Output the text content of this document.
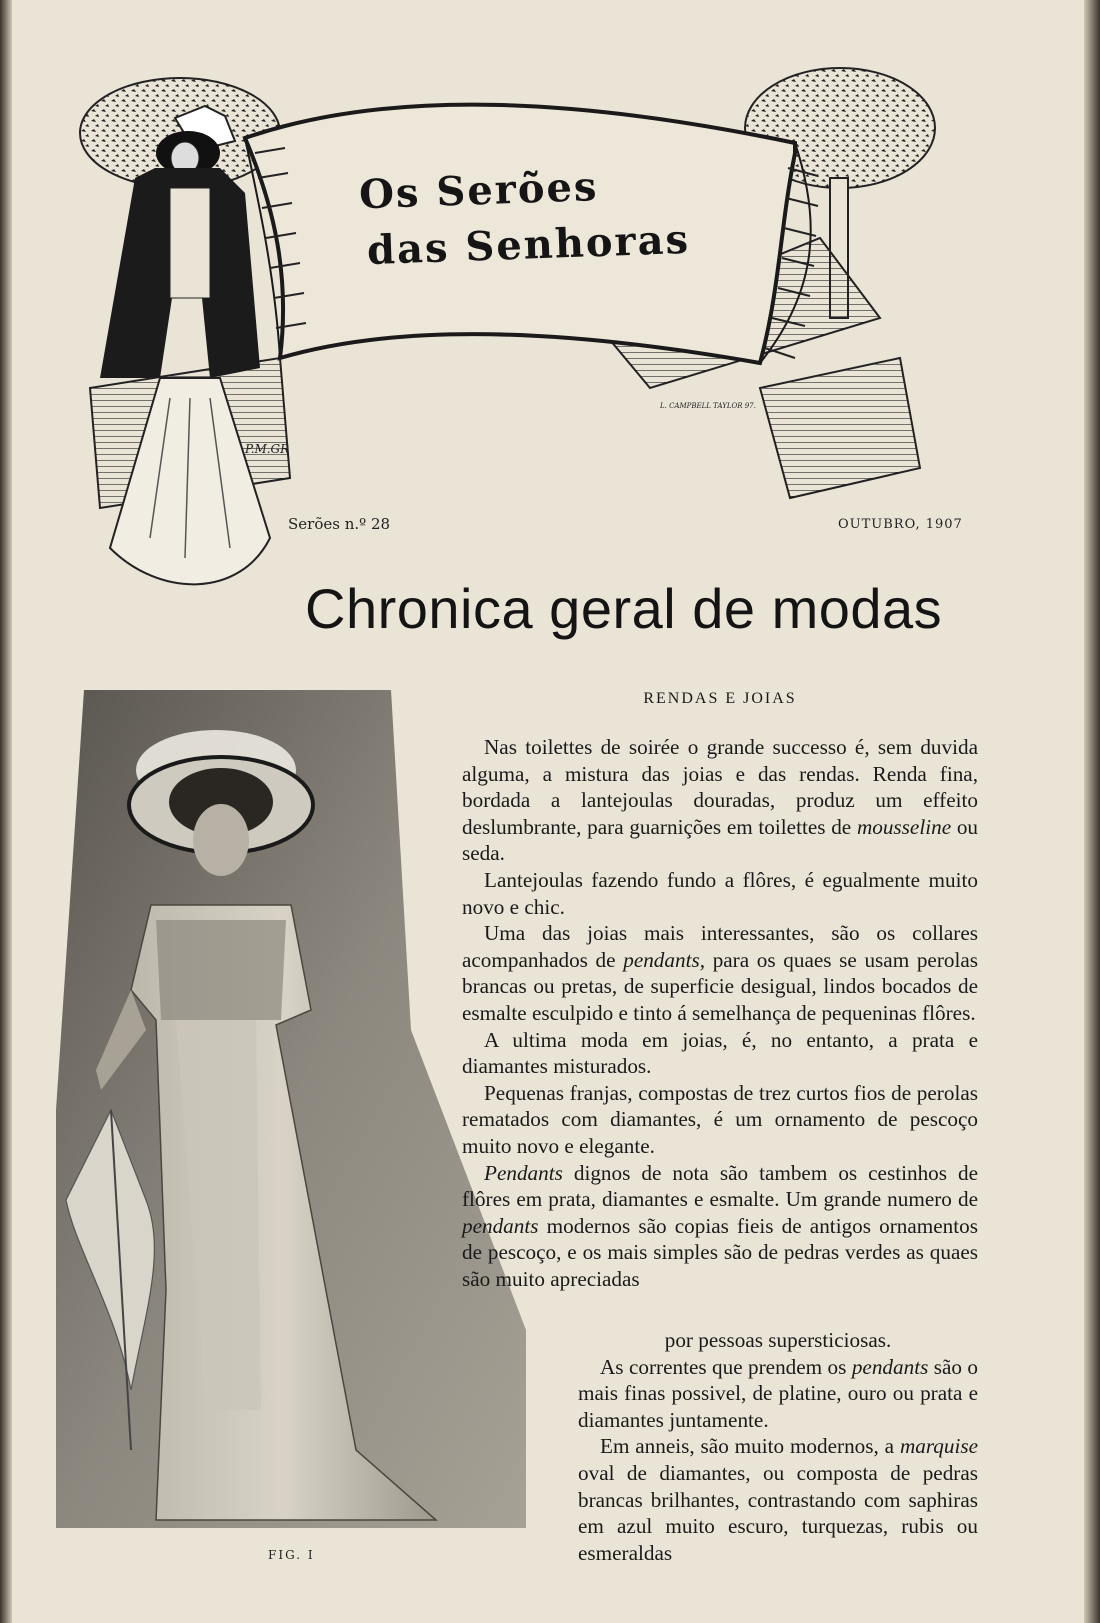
P.M.GR
L. CAMPBELL TAYLOR 97.
Os Serões
das Senhoras
Serões n.º 28	OUTUBRO, 1907
Chronica geral de modas
FIG. I
RENDAS E JOIAS

Nas toilettes de soirée o grande successo é, sem duvida alguma, a mistura das joias e das rendas. Renda fina, bordada a lantejoulas douradas, produz um effeito deslumbrante, para guarnições em toilettes de mousseline ou seda.

Lantejoulas fazendo fundo a flôres, é egualmente muito novo e chic.

Uma das joias mais interessantes, são os collares acompanhados de pendants, para os quaes se usam perolas brancas ou pretas, de superficie desigual, lindos bocados de esmalte esculpido e tinto á semelhança de pequeninas flôres.

A ultima moda em joias, é, no entanto, a prata e diamantes misturados.

Pequenas franjas, compostas de trez curtos fios de perolas rematados com diamantes, é um ornamento de pescoço muito novo e elegante.

Pendants dignos de nota são tambem os cestinhos de flôres em prata, diamantes e esmalte. Um grande numero de pendants modernos são copias fieis de antigos ornamentos de pescoço, e os mais simples são de pedras verdes as quaes são muito apreciadas

por pessoas supersticiosas.

As correntes que prendem os pendants são o mais finas possivel, de platine, ouro ou prata e diamantes juntamente.

Em anneis, são muito modernos, a marquise oval de diamantes, ou composta de pedras brancas brilhantes, contrastando com saphiras em azul muito escuro, turquezas, rubis ou esmeraldas
